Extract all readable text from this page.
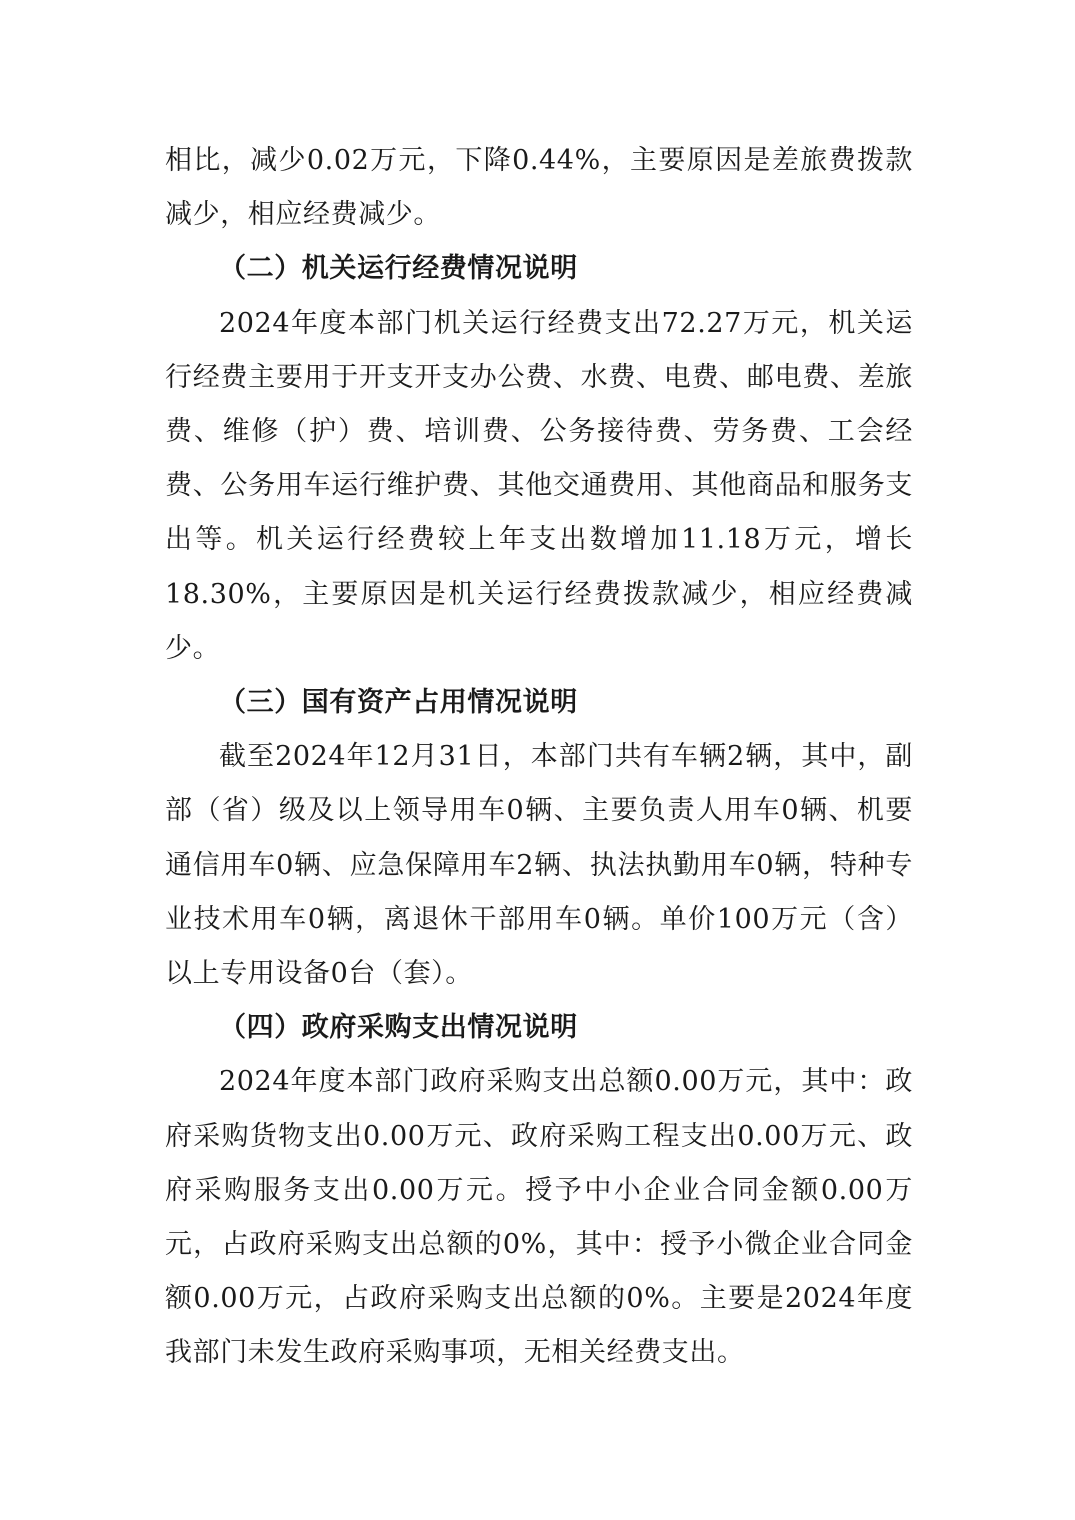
相比，减少0.02万元，下降0.44%，主要原因是差旅费拨款减少，相应经费减少。

（二）机关运行经费情况说明

2024年度本部门机关运行经费支出72.27万元，机关运行经费主要用于开支开支办公费、水费、电费、邮电费、差旅费、维修（护）费、培训费、公务接待费、劳务费、工会经费、公务用车运行维护费、其他交通费用、其他商品和服务支出等。机关运行经费较上年支出数增加11.18万元，增长18.30%，主要原因是机关运行经费拨款减少，相应经费减少。

（三）国有资产占用情况说明

截至2024年12月31日，本部门共有车辆2辆，其中，副部（省）级及以上领导用车0辆、主要负责人用车0辆、机要通信用车0辆、应急保障用车2辆、执法执勤用车0辆，特种专业技术用车0辆，离退休干部用车0辆。单价100万元（含）以上专用设备0台（套）。

（四）政府采购支出情况说明

2024年度本部门政府采购支出总额0.00万元，其中：政府采购货物支出0.00万元、政府采购工程支出0.00万元、政府采购服务支出0.00万元。授予中小企业合同金额0.00万元，占政府采购支出总额的0%，其中：授予小微企业合同金额0.00万元，占政府采购支出总额的0%。主要是2024年度我部门未发生政府采购事项，无相关经费支出。
